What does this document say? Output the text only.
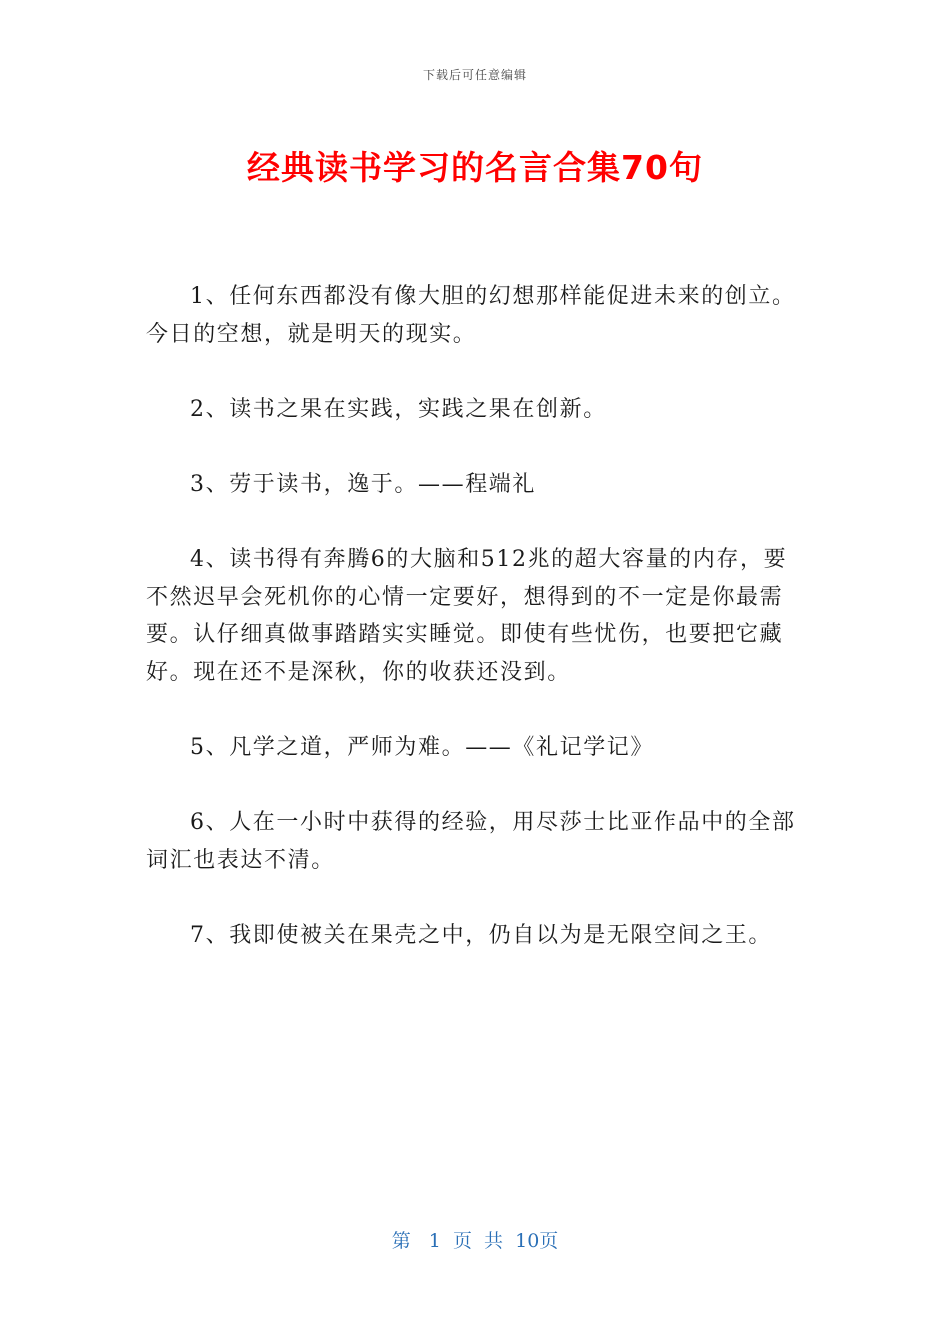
下载后可任意编辑
经典读书学习的名言合集70句

1、任何东西都没有像大胆的幻想那样能促进未来的创立。今日的空想，就是明天的现实。

2、读书之果在实践，实践之果在创新。

3、劳于读书，逸于。——程端礼

4、读书得有奔腾6的大脑和512兆的超大容量的内存，要不然迟早会死机你的心情一定要好，想得到的不一定是你最需要。认仔细真做事踏踏实实睡觉。即使有些忧伤，也要把它藏好。现在还不是深秋，你的收获还没到。

5、凡学之道，严师为难。——《礼记学记》

6、人在一小时中获得的经验，用尽莎士比亚作品中的全部词汇也表达不清。

7、我即使被关在果壳之中，仍自以为是无限空间之王。

第   1  页  共  10页
